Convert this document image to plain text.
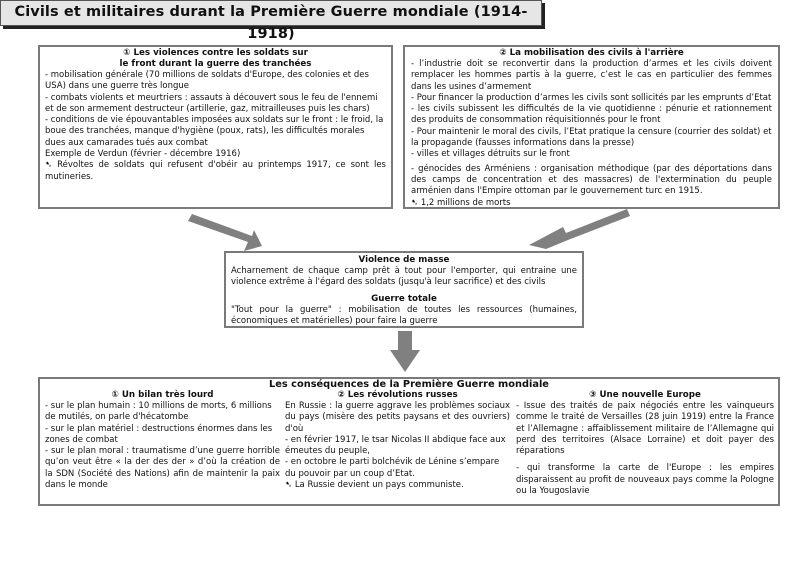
Civils et militaires durant la Première Guerre mondiale (1914-1918)

① Les violences contre les soldats sur

le front durant la guerre des tranchées

- mobilisation générale (70 millions de soldats d'Europe, des colonies et des USA) dans une guerre très longue

- combats violents et meurtriers : assauts à découvert sous le feu de l'ennemi et de son armement destructeur (artillerie, gaz, mitrailleuses puis les chars)

- conditions de vie épouvantables imposées aux soldats sur le front : le froid, la boue des tranchées, manque d'hygiène (poux, rats), les difficultés morales dues aux camarades tués aux combat

Exemple de Verdun (février - décembre 1916)

➷ Révoltes de soldats qui refusent d'obéir au printemps 1917, ce sont les mutineries.

② La mobilisation des civils à l'arrière

- l’industrie doit se reconvertir dans la production d’armes et les civils doivent remplacer les hommes partis à la guerre, c’est le cas en particulier des femmes dans les usines d’armement

- Pour financer la production d’armes les civils sont sollicités par les emprunts d’Etat

- les civils subissent les difficultés de la vie quotidienne : pénurie et rationnement des produits de consommation réquisitionnés pour le front

- Pour maintenir le moral des civils, l’Etat pratique la censure (courrier des soldat) et la propagande (fausses informations dans la presse)

- villes et villages détruits sur le front

- génocides des Arméniens : organisation méthodique (par des déportations dans des camps de concentration et des massacres) de l'extermination du peuple arménien dans l'Empire ottoman par le gouvernement turc en 1915.

➷ 1,2 millions de morts

Violence de masse

Acharnement de chaque camp prêt à tout pour l'emporter, qui entraine une violence extrême à l'égard des soldats (jusqu'à leur sacrifice) et des civils

Guerre totale

"Tout pour la guerre" : mobilisation de toutes les ressources (humaines, économiques et matérielles) pour faire la guerre

Les conséquences de la Première Guerre mondiale

① Un bilan très lourd

- sur le plan humain : 10 millions de morts, 6 millions de mutilés, on parle d'hécatombe

- sur le plan matériel : destructions énormes dans les zones de combat

- sur le plan moral : traumatisme d’une guerre horrible qu’on veut être « la der des der » d’où la création de la SDN (Société des Nations) afin de maintenir la paix dans le monde

② Les révolutions russes

En Russie : la guerre aggrave les problèmes sociaux du pays (misère des petits paysans et des ouvriers) d'où

- en février 1917, le tsar Nicolas II abdique face aux émeutes du peuple,

- en octobre le parti bolchévik de Lénine s’empare du pouvoir par un coup d’Etat.

➷ La Russie devient un pays communiste.

③ Une nouvelle Europe

- Issue des traités de paix négociés entre les vainqueurs comme le traité de Versailles (28 juin 1919) entre la France et l’Allemagne : affaiblissement militaire de l’Allemagne qui perd des territoires (Alsace Lorraine) et doit payer des réparations

- qui transforme la carte de l'Europe : les empires disparaissent au profit de nouveaux pays comme la Pologne ou la Yougoslavie
